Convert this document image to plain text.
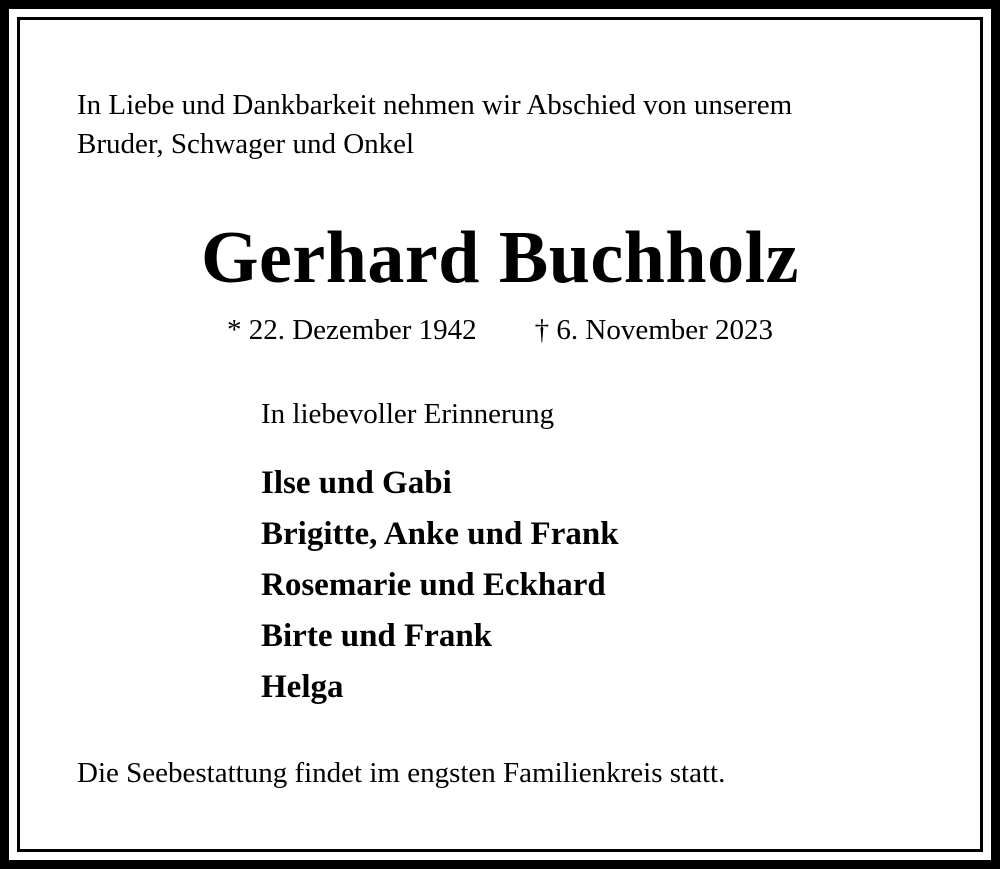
In Liebe und Dankbarkeit nehmen wir Abschied von unserem
Bruder, Schwager und Onkel

Gerhard Buchholz
* 22. Dezember 1942 † 6. November 2023
In liebevoller Erinnerung
Ilse und Gabi
Brigitte, Anke und Frank
Rosemarie und Eckhard
Birte und Frank
Helga
Die Seebestattung findet im engsten Familienkreis statt.
